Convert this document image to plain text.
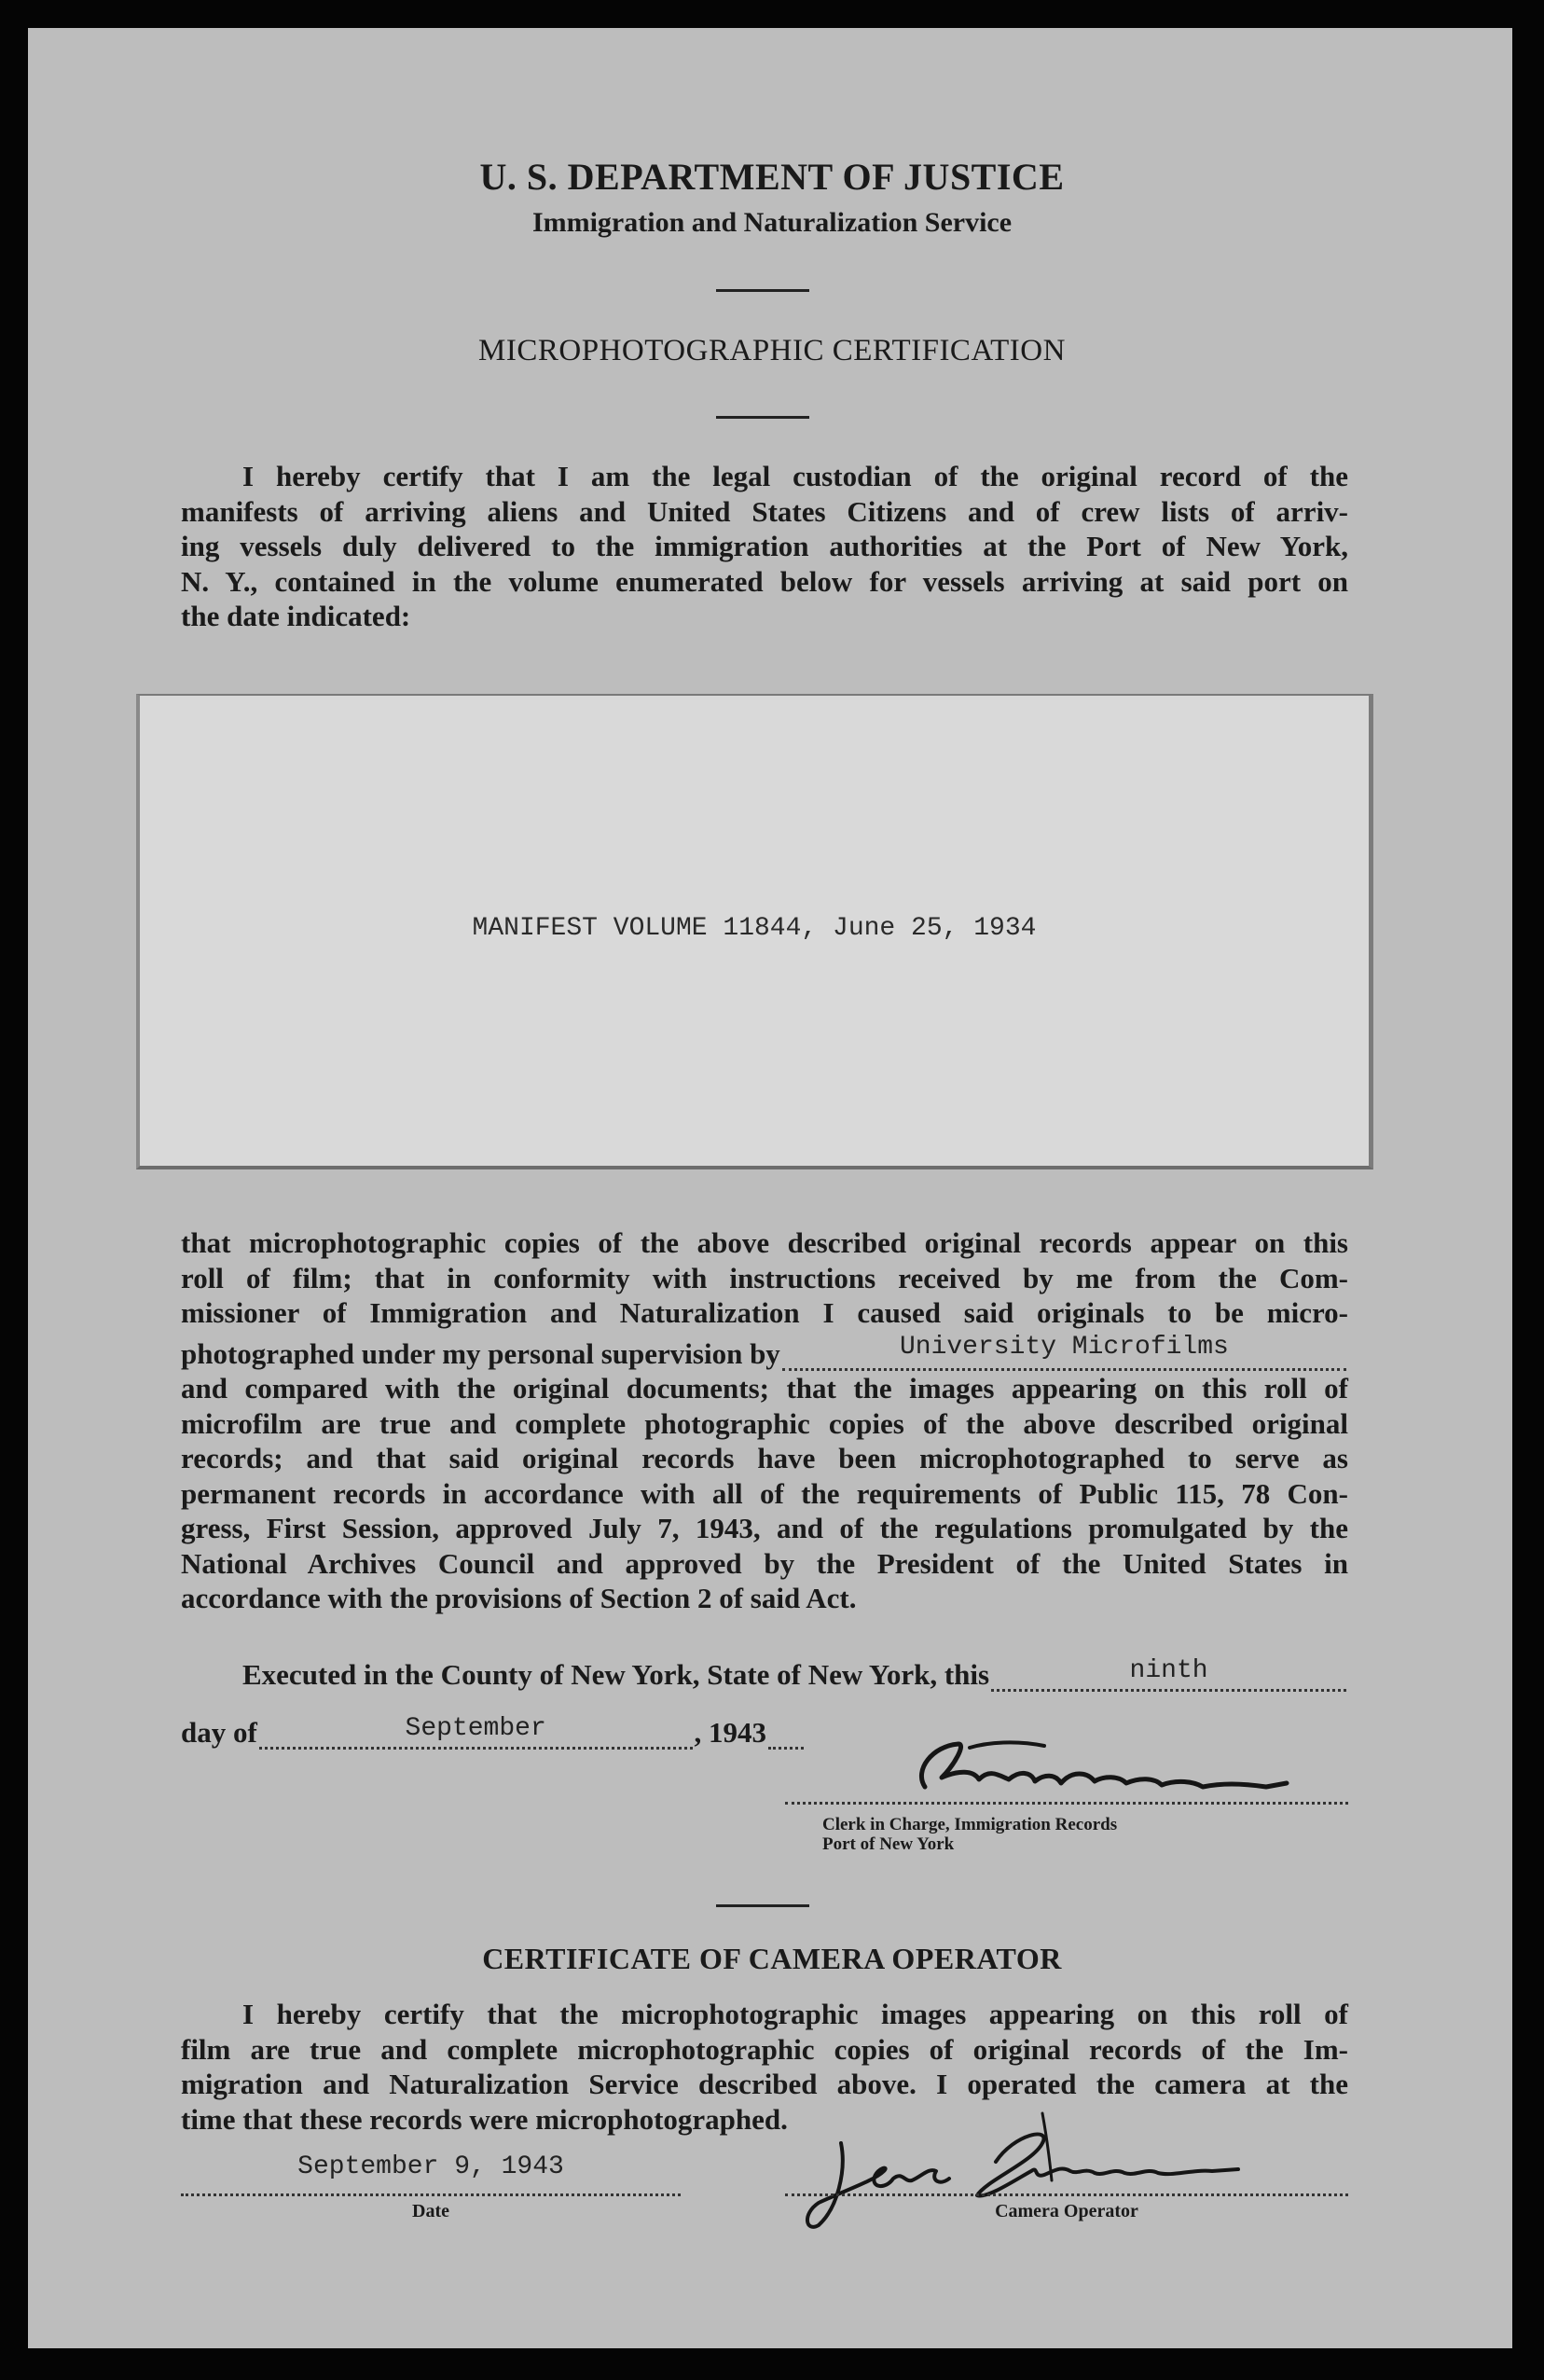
U. S. DEPARTMENT OF JUSTICE
Immigration and Naturalization Service
MICROPHOTOGRAPHIC CERTIFICATION
I hereby certify that I am the legal custodian of the original record of the
manifests of arriving aliens and United States Citizens and of crew lists of arriv-
ing vessels duly delivered to the immigration authorities at the Port of New York,
N. Y., contained in the volume enumerated below for vessels arriving at said port on
the date indicated:
MANIFEST VOLUME 11844, June 25, 1934
that microphotographic copies of the above described original records appear on this
roll of film; that in conformity with instructions received by me from the Com-
missioner of Immigration and Naturalization I caused said originals to be micro-
photographed under my personal supervision by	University Microfilms
and compared with the original documents; that the images appearing on this roll of
microfilm are true and complete photographic copies of the above described original
records; and that said original records have been microphotographed to serve as
permanent records in accordance with all of the requirements of Public 115, 78 Con-
gress, First Session, approved July 7, 1943, and of the regulations promulgated by the
National Archives Council and approved by the President of the United States in
accordance with the provisions of Section 2 of said Act.
Executed in the County of New York, State of New York, this	ninth
day of	September	, 1943
Clerk in Charge, Immigration Records
Port of New York
CERTIFICATE OF CAMERA OPERATOR
I hereby certify that the microphotographic images appearing on this roll of
film are true and complete microphotographic copies of original records of the Im-
migration and Naturalization Service described above. I operated the camera at the
time that these records were microphotographed.
September 9, 1943
Date	Camera Operator
